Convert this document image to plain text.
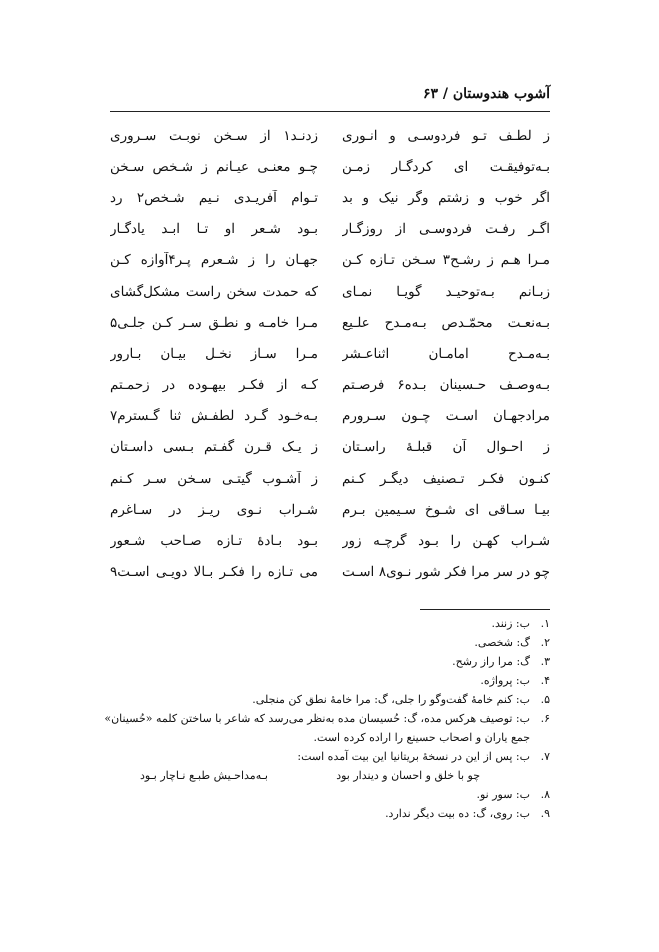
آشوب هندوستان / ۶۳
ز لطـف تـو فردوسـی و انـوری
زدنـد۱ از سـخن نوبـت سـروری
بـه‌توفیقـت ای کردگـار زمـن
چـو معنـی عیـانم ز شـخص سـخن
اگر خوب و زشتم وگر نیک و بد
تـوام آفریـدی نـیم شـخص۲ رد
اگـر رفـت فردوسـی از روزگـار
بـود شـعر او تـا ابـد یادگـار
مـرا هـم ز رشـح۳ سـخن تـازه کـن
جهـان را ز شـعرم پـر۴آوازه کـن
زبـانم بـه‌توحیـد گویـا نمـای
که حمدت سخن راست مشکل‌گشای
بـه‌نعـت محمّـدص بـه‌مـدح علـیع
مـرا خامـه و نطـق سـر کـن جلـی۵
بـه‌مـدح امامـان اثناعـشر
مـرا سـاز نخـل بیـان بـارور
بـه‌وصـف حـسینان بـده۶ فرصـتم
کـه از فکـر بیهـوده در زحمـتم
مرادجهـان اسـت چـون سـرورم
بـه‌خـود گـرد لطفـش ثنا گـسترم۷
ز احـوال آن قبلـۀ راسـتان
ز یـک قـرن گفـتم بـسی داسـتان
کنـون فکـر تـصنیف دیگـر کـنم
ز آشـوب گیتـی سـخن سـر کـنم
بیـا سـاقی ای شـوخ سـیمین بـرم
شـراب نـوی ریـز در سـاغرم
شـراب کهـن را بـود گرچـه زور
بـود بـادۀ تـازه صـاحب شـعور
چو در سر مرا فکر شور نـوی۸ اسـت
می تـازه را فکـر بـالا دویـی اسـت۹
۱.
ب: زنند.
۲.
گ: شخصی.
۳.
گ: مرا راز رشح.
۴.
ب: پرواژه.
۵.
ب: کنم خامۀ گفت‌وگو را جلی، گ: مرا خامۀ نطق کن منجلی.
۶.
ب: توصیف هرکس مده، گ: حُسیسان مده به‌نظر می‌رسد که شاعر با ساختن کلمه «حُسینان»
جمع یاران و اصحاب حسینع را اراده کرده است.
۷.
ب: پس از این در نسخۀ بریتانیا این بیت آمده است:
چو با خلق و احسان و دیندار بود
بـه‌مداحـیش طبـع نـاچار بـود
۸.
ب: سور نو.
۹.
ب: روی، گ: ده بیت دیگر ندارد.
